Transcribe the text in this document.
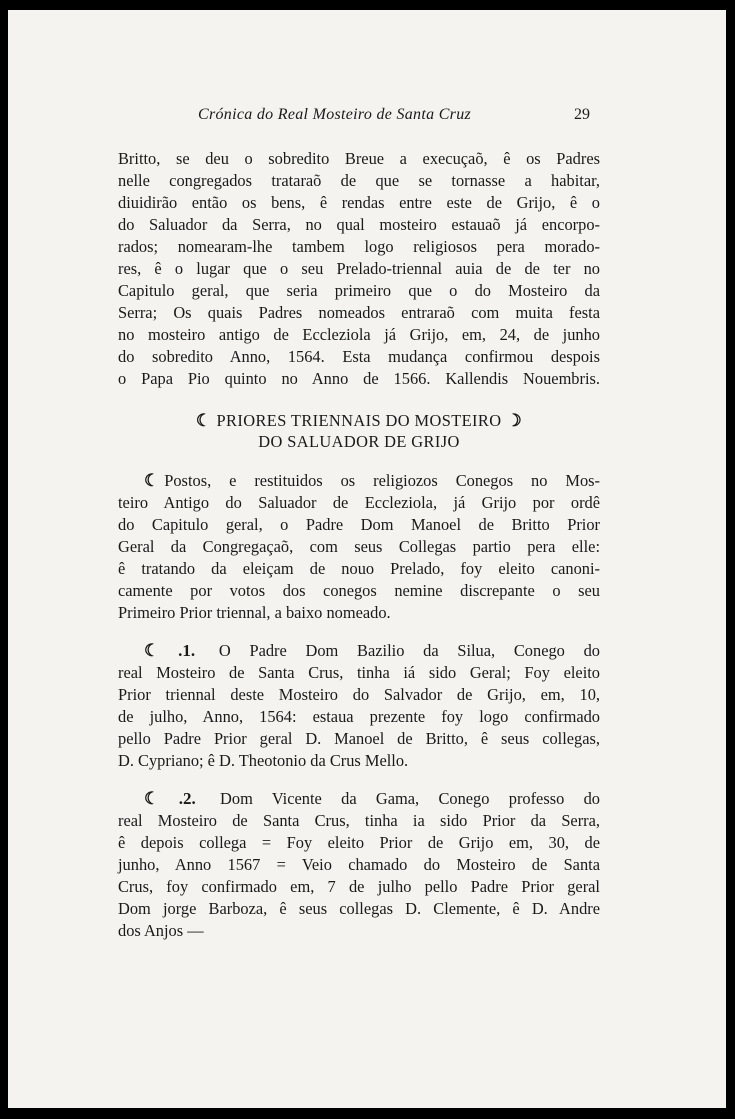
Crónica do Real Mosteiro de Santa Cruz	29
Britto, se deu o sobredito Breue a execuçaõ, ê os Padres
nelle congregados trataraõ de que se tornasse a habitar,
diuidirão então os bens, ê rendas entre este de Grijo, ê o
do Saluador da Serra, no qual mosteiro estauaõ já encorpo-
rados; nomearam-lhe tambem logo religiosos pera morado-
res, ê o lugar que o seu Prelado-triennal auia de de ter no
Capitulo geral, que seria primeiro que o do Mosteiro da
Serra; Os quais Padres nomeados entraraõ com muita festa
no mosteiro antigo de Eccleziola já Grijo, em, 24, de junho
do sobredito Anno, 1564. Esta mudança confirmou despois
o Papa Pio quinto no Anno de 1566. Kallendis Nouembris.
☾ PRIORES TRIENNAIS DO MOSTEIRO ☽
DO SALUADOR DE GRIJO
☾ Postos, e restituidos os religiozos Conegos no Mos-
teiro Antigo do Saluador de Eccleziola, já Grijo por ordê
do Capitulo geral, o Padre Dom Manoel de Britto Prior
Geral da Congregaçaõ, com seus Collegas partio pera elle:
ê tratando da eleiçam de nouo Prelado, foy eleito canoni-
camente por votos dos conegos nemine discrepante o seu
Primeiro Prior triennal, a baixo nomeado.
☾ .1. O Padre Dom Bazilio da Silua, Conego do
real Mosteiro de Santa Crus, tinha iá sido Geral; Foy eleito
Prior triennal deste Mosteiro do Salvador de Grijo, em, 10,
de julho, Anno, 1564: estaua prezente foy logo confirmado
pello Padre Prior geral D. Manoel de Britto, ê seus collegas,
D. Cypriano; ê D. Theotonio da Crus Mello.
☾ .2. Dom Vicente da Gama, Conego professo do
real Mosteiro de Santa Crus, tinha ia sido Prior da Serra,
ê depois collega = Foy eleito Prior de Grijo em, 30, de
junho, Anno 1567 = Veio chamado do Mosteiro de Santa
Crus, foy confirmado em, 7 de julho pello Padre Prior geral
Dom jorge Barboza, ê seus collegas D. Clemente, ê D. Andre
dos Anjos —
